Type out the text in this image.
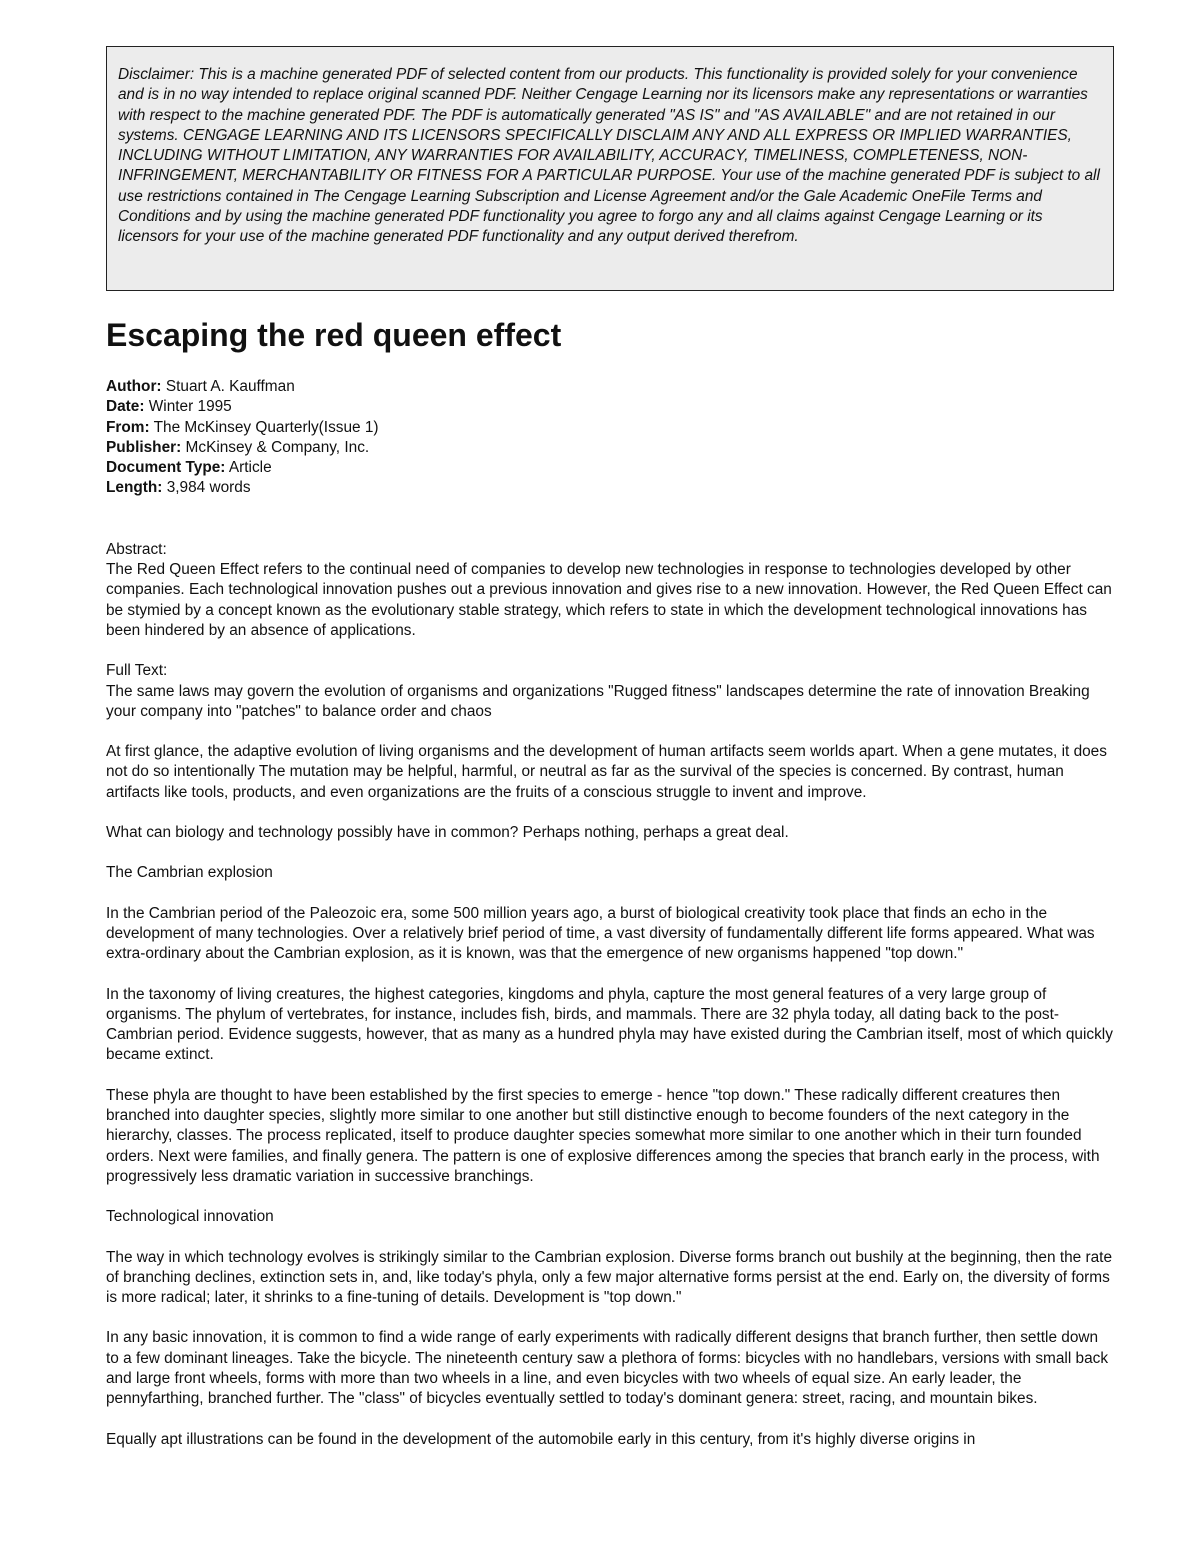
Disclaimer: This is a machine generated PDF of selected content from our products. This functionality is provided solely for your convenience and is in no way intended to replace original scanned PDF. Neither Cengage Learning nor its licensors make any representations or warranties with respect to the machine generated PDF. The PDF is automatically generated "AS IS" and "AS AVAILABLE" and are not retained in our systems. CENGAGE LEARNING AND ITS LICENSORS SPECIFICALLY DISCLAIM ANY AND ALL EXPRESS OR IMPLIED WARRANTIES, INCLUDING WITHOUT LIMITATION, ANY WARRANTIES FOR AVAILABILITY, ACCURACY, TIMELINESS, COMPLETENESS, NON-INFRINGEMENT, MERCHANTABILITY OR FITNESS FOR A PARTICULAR PURPOSE. Your use of the machine generated PDF is subject to all use restrictions contained in The Cengage Learning Subscription and License Agreement and/or the Gale Academic OneFile Terms and Conditions and by using the machine generated PDF functionality you agree to forgo any and all claims against Cengage Learning or its licensors for your use of the machine generated PDF functionality and any output derived therefrom.
Escaping the red queen effect
Author: Stuart A. Kauffman
Date: Winter 1995
From: The McKinsey Quarterly(Issue 1)
Publisher: McKinsey & Company, Inc.
Document Type: Article
Length: 3,984 words
Abstract:

The Red Queen Effect refers to the continual need of companies to develop new technologies in response to technologies developed by other companies. Each technological innovation pushes out a previous innovation and gives rise to a new innovation. However, the Red Queen Effect can be stymied by a concept known as the evolutionary stable strategy, which refers to state in which the development technological innovations has been hindered by an absence of applications.

Full Text:

The same laws may govern the evolution of organisms and organizations "Rugged fitness" landscapes determine the rate of innovation Breaking your company into "patches" to balance order and chaos

At first glance, the adaptive evolution of living organisms and the development of human artifacts seem worlds apart. When a gene mutates, it does not do so intentionally The mutation may be helpful, harmful, or neutral as far as the survival of the species is concerned. By contrast, human artifacts like tools, products, and even organizations are the fruits of a conscious struggle to invent and improve.

What can biology and technology possibly have in common? Perhaps nothing, perhaps a great deal.

The Cambrian explosion

In the Cambrian period of the Paleozoic era, some 500 million years ago, a burst of biological creativity took place that finds an echo in the development of many technologies. Over a relatively brief period of time, a vast diversity of fundamentally different life forms appeared. What was extra-ordinary about the Cambrian explosion, as it is known, was that the emergence of new organisms happened "top down."

In the taxonomy of living creatures, the highest categories, kingdoms and phyla, capture the most general features of a very large group of organisms. The phylum of vertebrates, for instance, includes fish, birds, and mammals. There are 32 phyla today, all dating back to the post-Cambrian period. Evidence suggests, however, that as many as a hundred phyla may have existed during the Cambrian itself, most of which quickly became extinct.

These phyla are thought to have been established by the first species to emerge - hence "top down." These radically different creatures then branched into daughter species, slightly more similar to one another but still distinctive enough to become founders of the next category in the hierarchy, classes. The process replicated, itself to produce daughter species somewhat more similar to one another which in their turn founded orders. Next were families, and finally genera. The pattern is one of explosive differences among the species that branch early in the process, with progressively less dramatic variation in successive branchings.

Technological innovation

The way in which technology evolves is strikingly similar to the Cambrian explosion. Diverse forms branch out bushily at the beginning, then the rate of branching declines, extinction sets in, and, like today's phyla, only a few major alternative forms persist at the end. Early on, the diversity of forms is more radical; later, it shrinks to a fine-tuning of details. Development is "top down."

In any basic innovation, it is common to find a wide range of early experiments with radically different designs that branch further, then settle down to a few dominant lineages. Take the bicycle. The nineteenth century saw a plethora of forms: bicycles with no handlebars, versions with small back and large front wheels, forms with more than two wheels in a line, and even bicycles with two wheels of equal size. An early leader, the pennyfarthing, branched further. The "class" of bicycles eventually settled to today's dominant genera: street, racing, and mountain bikes.

Equally apt illustrations can be found in the development of the automobile early in this century, from it's highly diverse origins in
